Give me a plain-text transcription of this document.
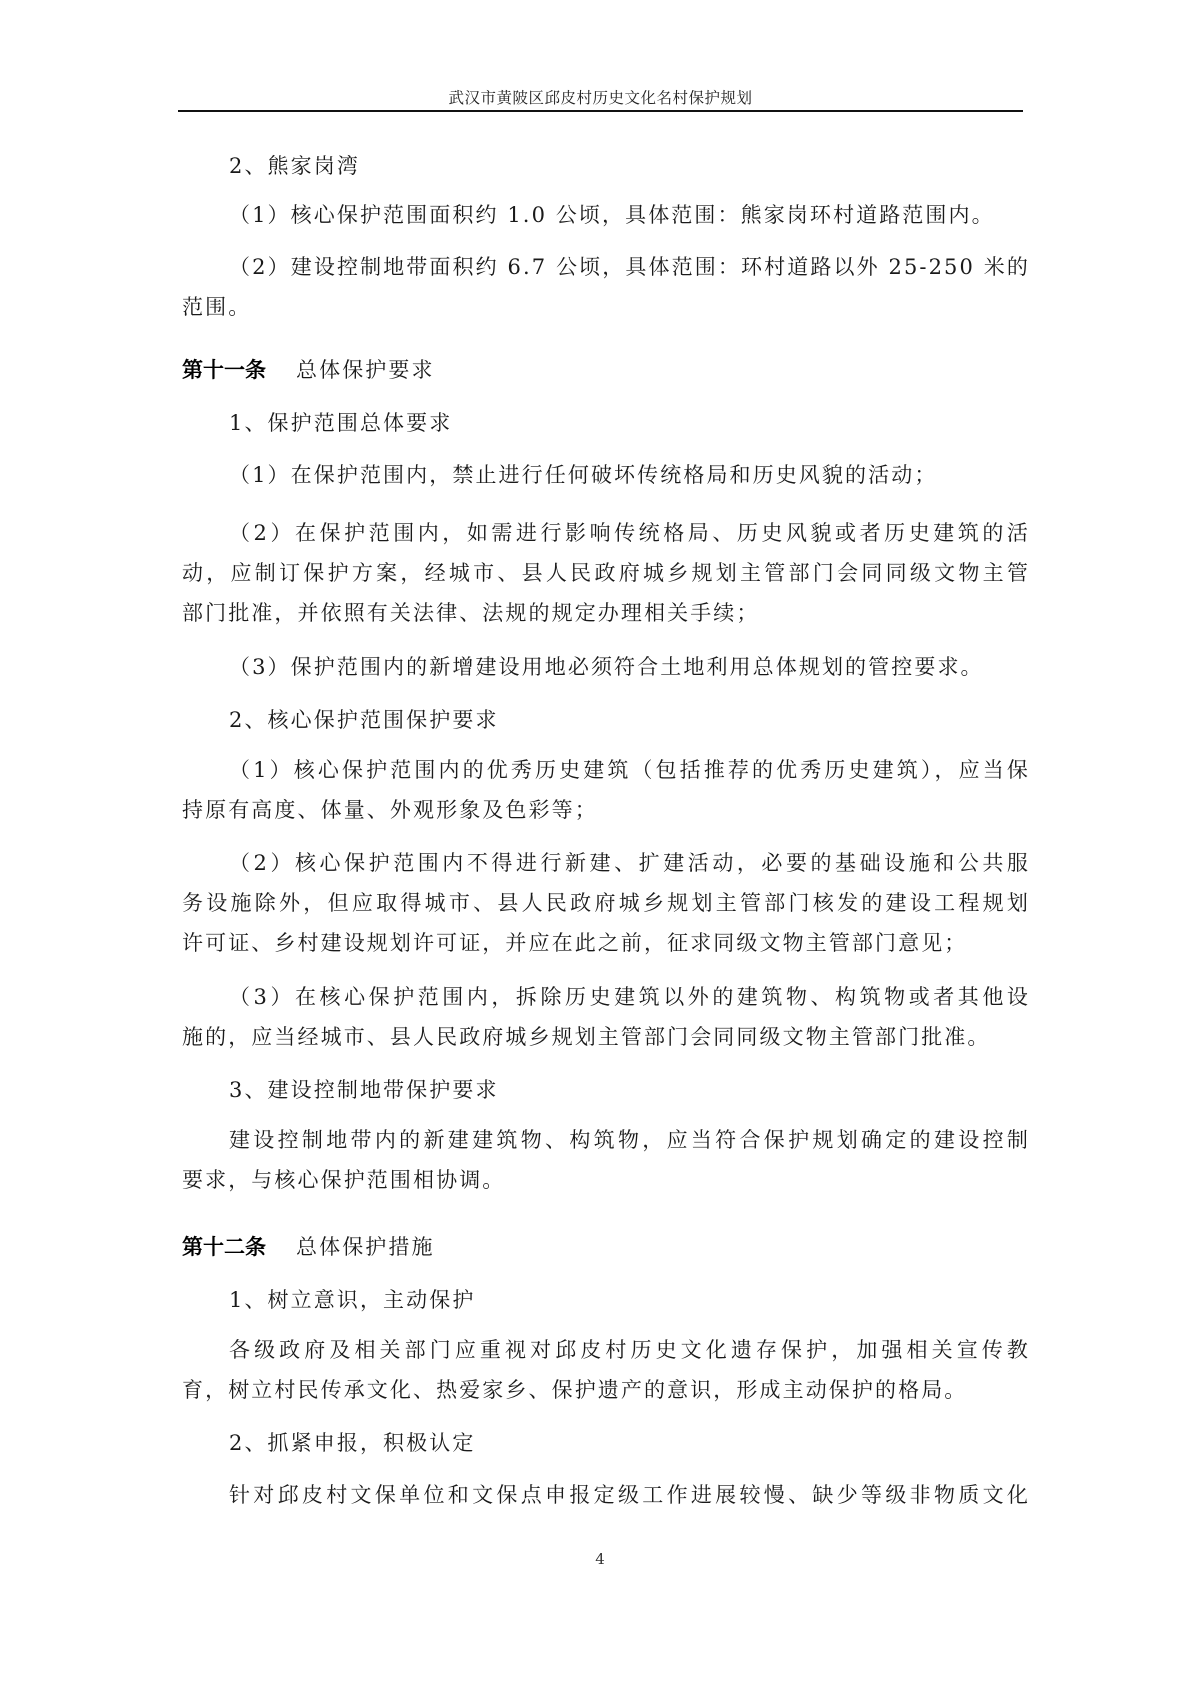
武汉市黄陂区邱皮村历史文化名村保护规划
2、熊家岗湾
（1）核心保护范围面积约 1.0 公顷，具体范围：熊家岗环村道路范围内。
（2）建设控制地带面积约 6.7 公顷，具体范围：环村道路以外 25-250 米的
范围。
第十一条 总体保护要求
1、保护范围总体要求
（1）在保护范围内，禁止进行任何破坏传统格局和历史风貌的活动；
（2）在保护范围内，如需进行影响传统格局、历史风貌或者历史建筑的活
动，应制订保护方案，经城市、县人民政府城乡规划主管部门会同同级文物主管
部门批准，并依照有关法律、法规的规定办理相关手续；
（3）保护范围内的新增建设用地必须符合土地利用总体规划的管控要求。
2、核心保护范围保护要求
（1）核心保护范围内的优秀历史建筑（包括推荐的优秀历史建筑），应当保
持原有高度、体量、外观形象及色彩等；
（2）核心保护范围内不得进行新建、扩建活动，必要的基础设施和公共服
务设施除外，但应取得城市、县人民政府城乡规划主管部门核发的建设工程规划
许可证、乡村建设规划许可证，并应在此之前，征求同级文物主管部门意见；
（3）在核心保护范围内，拆除历史建筑以外的建筑物、构筑物或者其他设
施的，应当经城市、县人民政府城乡规划主管部门会同同级文物主管部门批准。
3、建设控制地带保护要求
建设控制地带内的新建建筑物、构筑物，应当符合保护规划确定的建设控制
要求，与核心保护范围相协调。
第十二条 总体保护措施
1、树立意识，主动保护
各级政府及相关部门应重视对邱皮村历史文化遗存保护，加强相关宣传教
育，树立村民传承文化、热爱家乡、保护遗产的意识，形成主动保护的格局。
2、抓紧申报，积极认定
针对邱皮村文保单位和文保点申报定级工作进展较慢、缺少等级非物质文化
4
